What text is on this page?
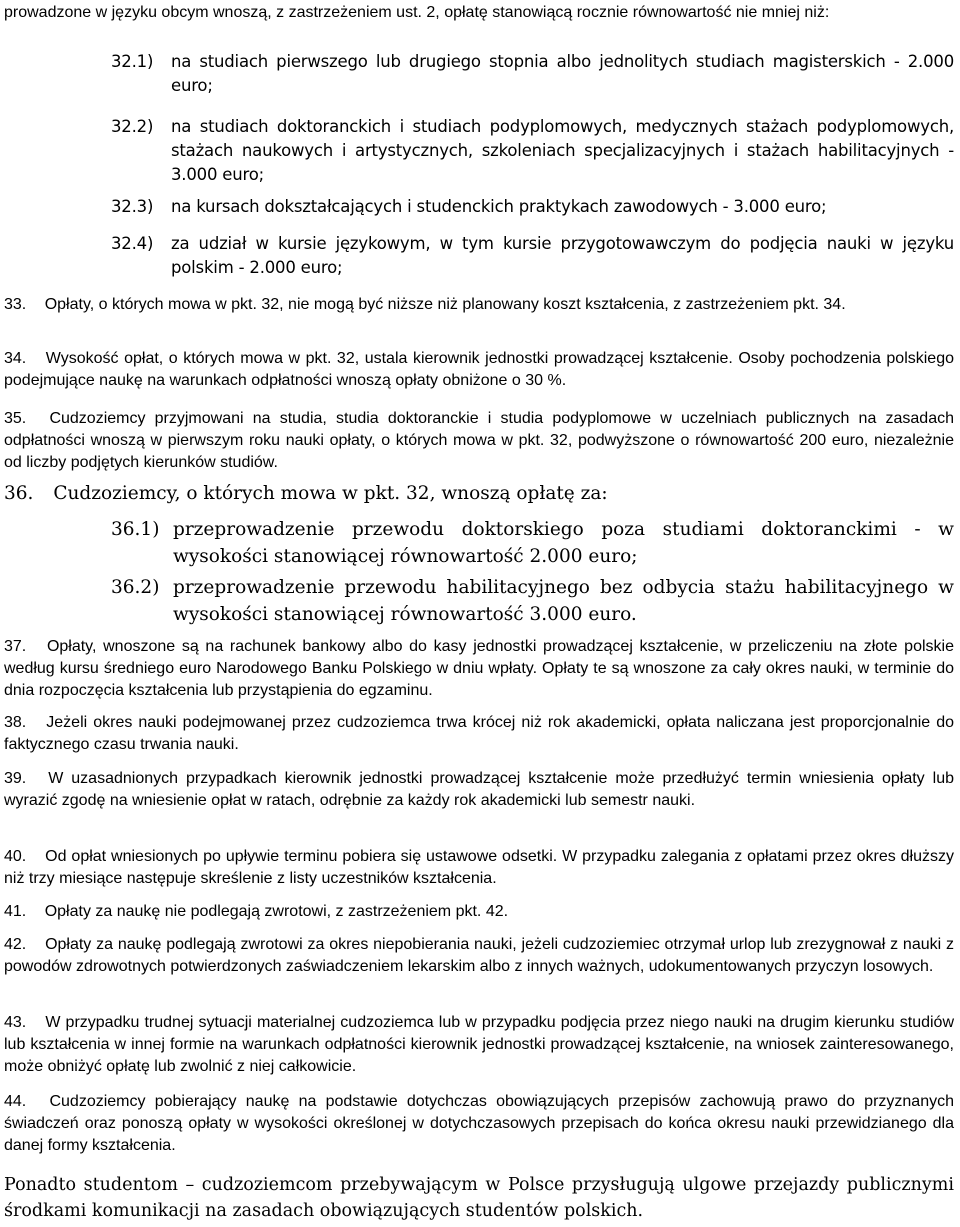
prowadzone w języku obcym wnoszą, z zastrzeżeniem ust. 2, opłatę stanowiącą rocznie równowartość nie mniej niż:
32.1)	na studiach pierwszego lub drugiego stopnia albo jednolitych studiach magisterskich - 2.000 euro;
32.2)	na studiach doktoranckich i studiach podyplomowych, medycznych stażach podyplomowych, stażach naukowych i artystycznych, szkoleniach specjalizacyjnych i stażach habilitacyjnych - 3.000 euro;
32.3)	na kursach dokształcających i studenckich praktykach zawodowych - 3.000 euro;
32.4)	za udział w kursie językowym, w tym kursie przygotowawczym do podjęcia nauki w języku polskim - 2.000 euro;
33. Opłaty, o których mowa w pkt. 32, nie mogą być niższe niż planowany koszt kształcenia, z zastrzeżeniem pkt. 34.
34. Wysokość opłat, o których mowa w pkt. 32, ustala kierownik jednostki prowadzącej kształcenie. Osoby pochodzenia polskiego podejmujące naukę na warunkach odpłatności wnoszą opłaty obniżone o 30 %.
35. Cudzoziemcy przyjmowani na studia, studia doktoranckie i studia podyplomowe w uczelniach publicznych na zasadach odpłatności wnoszą w pierwszym roku nauki opłaty, o których mowa w pkt. 32, podwyższone o równowartość 200 euro, niezależnie od liczby podjętych kierunków studiów.
36. Cudzoziemcy, o których mowa w pkt. 32, wnoszą opłatę za:
36.1) przeprowadzenie przewodu doktorskiego poza studiami doktoranckimi - w wysokości stanowiącej równowartość 2.000 euro;
36.2) przeprowadzenie przewodu habilitacyjnego bez odbycia stażu habilitacyjnego w wysokości stanowiącej równowartość 3.000 euro.
37. Opłaty, wnoszone są na rachunek bankowy albo do kasy jednostki prowadzącej kształcenie, w przeliczeniu na złote polskie według kursu średniego euro Narodowego Banku Polskiego w dniu wpłaty. Opłaty te są wnoszone za cały okres nauki, w terminie do dnia rozpoczęcia kształcenia lub przystąpienia do egzaminu.
38. Jeżeli okres nauki podejmowanej przez cudzoziemca trwa krócej niż rok akademicki, opłata naliczana jest proporcjonalnie do faktycznego czasu trwania nauki.
39. W uzasadnionych przypadkach kierownik jednostki prowadzącej kształcenie może przedłużyć termin wniesienia opłaty lub wyrazić zgodę na wniesienie opłat w ratach, odrębnie za każdy rok akademicki lub semestr nauki.
40. Od opłat wniesionych po upływie terminu pobiera się ustawowe odsetki. W przypadku zalegania z opłatami przez okres dłuższy niż trzy miesiące następuje skreślenie z listy uczestników kształcenia.
41. Opłaty za naukę nie podlegają zwrotowi, z zastrzeżeniem pkt. 42.
42. Opłaty za naukę podlegają zwrotowi za okres niepobierania nauki, jeżeli cudzoziemiec otrzymał urlop lub zrezygnował z nauki z powodów zdrowotnych potwierdzonych zaświadczeniem lekarskim albo z innych ważnych, udokumentowanych przyczyn losowych.
43. W przypadku trudnej sytuacji materialnej cudzoziemca lub w przypadku podjęcia przez niego nauki na drugim kierunku studiów lub kształcenia w innej formie na warunkach odpłatności kierownik jednostki prowadzącej kształcenie, na wniosek zainteresowanego, może obniżyć opłatę lub zwolnić z niej całkowicie.
44. Cudzoziemcy pobierający naukę na podstawie dotychczas obowiązujących przepisów zachowują prawo do przyznanych świadczeń oraz ponoszą opłaty w wysokości określonej w dotychczasowych przepisach do końca okresu nauki przewidzianego dla danej formy kształcenia.
Ponadto studentom – cudzoziemcom przebywającym w Polsce przysługują ulgowe przejazdy publicznymi środkami komunikacji na zasadach obowiązujących studentów polskich.
